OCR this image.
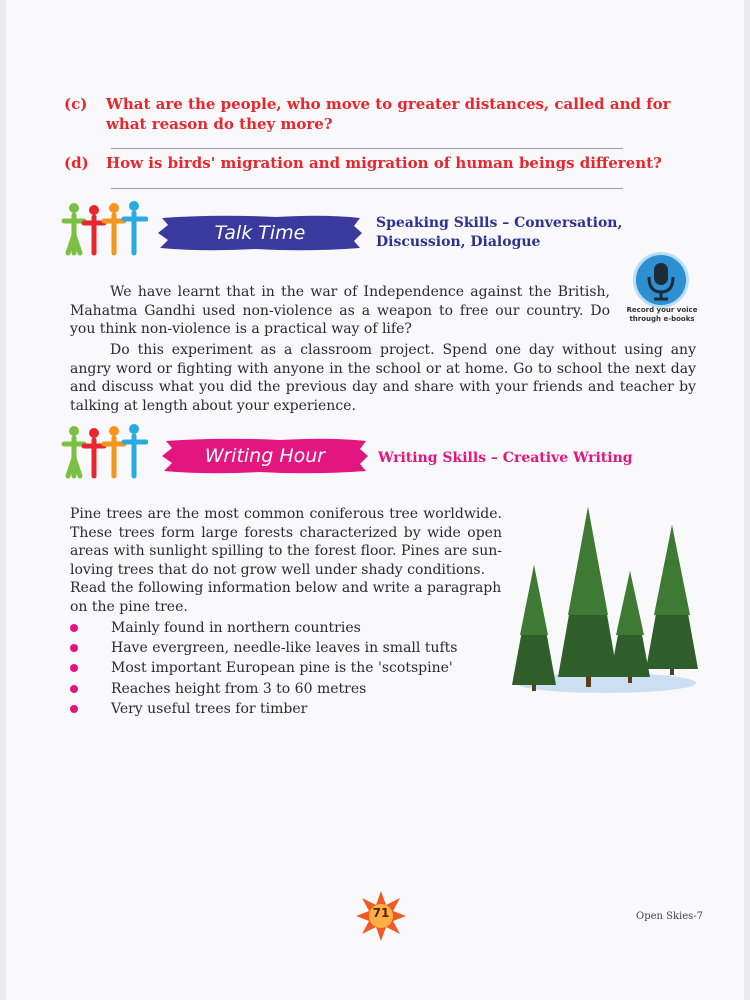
(c) What are the people, who move to greater distances, called and for what reason do they more?
(d) How is birds' migration and migration of human beings different?
Talk Time	Speaking Skills – Conversation,
Discussion, Dialogue
We have learnt that in the war of Independence against the British, Mahatma Gandhi used non-violence as a weapon to free our country. Do you think non-violence is a practical way of life?
Record your voice
through e-books
Do this experiment as a classroom project. Spend one day without using any angry word or fighting with anyone in the school or at home. Go to school the next day and discuss what you did the previous day and share with your friends and teacher by talking at length about your experience.
Writing Hour	Writing Skills – Creative Writing

Pine trees are the most common coniferous tree worldwide. These trees form large forests characterized by wide open areas with sunlight spilling to the forest floor. Pines are sun-loving trees that do not grow well under shady conditions.

Read the following information below and write a paragraph on the pine tree.

Mainly found in northern countries
Have evergreen, needle-like leaves in small tufts
Most important European pine is the 'scotspine'
Reaches height from 3 to 60 metres
Very useful trees for timber
71	Open Skies-7
